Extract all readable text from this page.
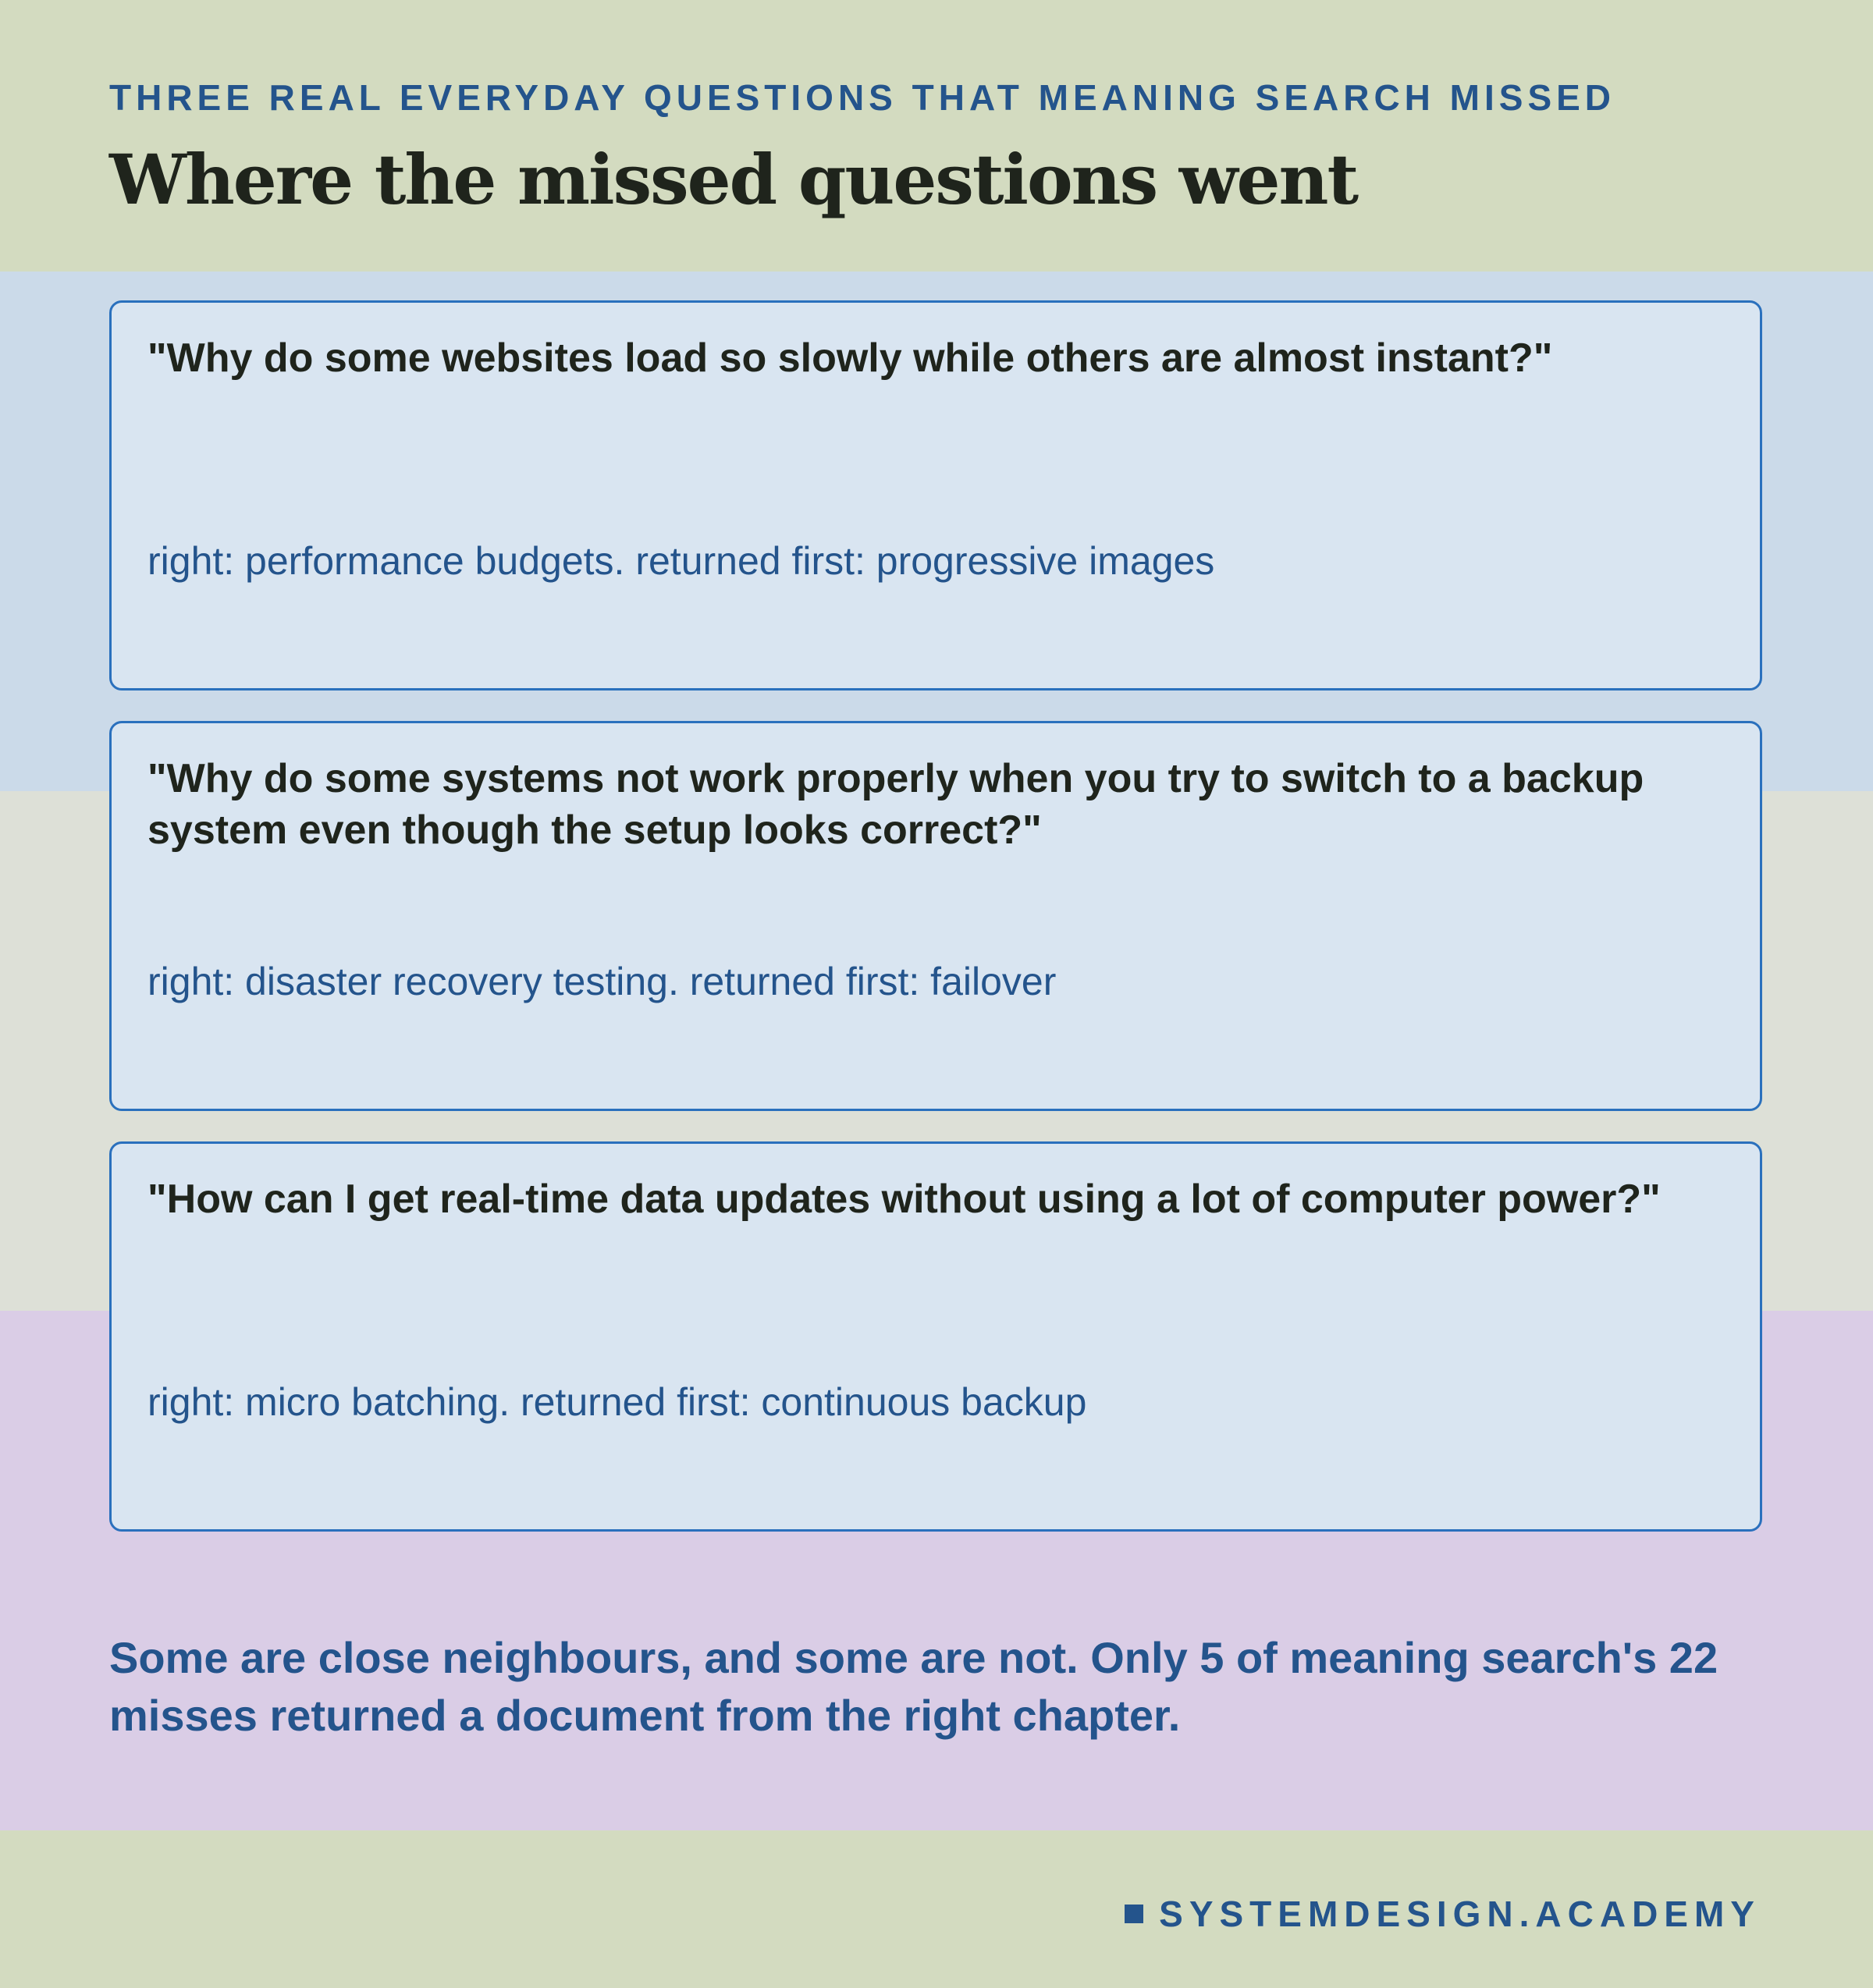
THREE REAL EVERYDAY QUESTIONS THAT MEANING SEARCH MISSED

Where the missed questions went

"Why do some websites load so slowly while others are almost instant?"

right: performance budgets. returned first: progressive images

"Why do some systems not work properly when you try to switch to a backup system even though the setup looks correct?"

right: disaster recovery testing. returned first: failover

"How can I get real-time data updates without using a lot of computer power?"

right: micro batching. returned first: continuous backup

Some are close neighbours, and some are not. Only 5 of meaning search's 22 misses returned a document from the right chapter.

SYSTEMDESIGN.ACADEMY
